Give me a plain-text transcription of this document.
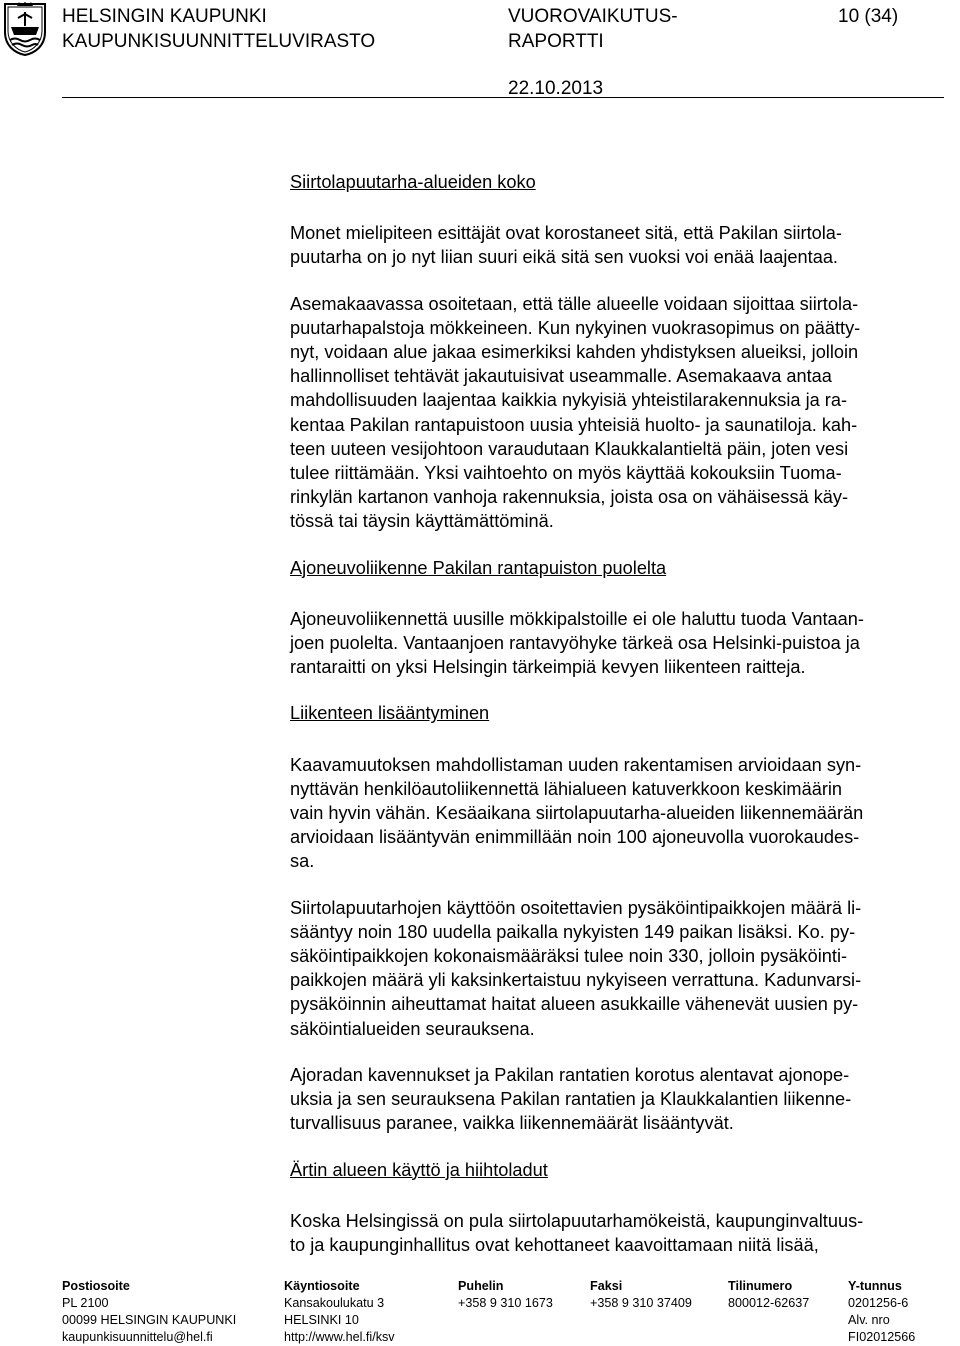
HELSINGIN KAUPUNKI
KAUPUNKISUUNNITTELUVIRASTO
VUOROVAIKUTUS-
RAPORTTI
10 (34)
22.10.2013
Siirtolapuutarha-alueiden koko
Monet mielipiteen esittäjät ovat korostaneet sitä, että Pakilan siirtola-
puutarha on jo nyt liian suuri eikä sitä sen vuoksi voi enää laajentaa.
Asemakaavassa osoitetaan, että tälle alueelle voidaan sijoittaa siirtola-
puutarhapalstoja mökkeineen. Kun nykyinen vuokrasopimus on päätty-
nyt, voidaan alue jakaa esimerkiksi kahden yhdistyksen alueiksi, jolloin
hallinnolliset tehtävät jakautuisivat useammalle. Asemakaava antaa
mahdollisuuden laajentaa kaikkia nykyisiä yhteistilarakennuksia ja ra-
kentaa Pakilan rantapuistoon uusia yhteisiä huolto- ja saunatiloja. kah-
teen uuteen vesijohtoon varaudutaan Klaukkalantieltä päin, joten vesi
tulee riittämään. Yksi vaihtoehto on myös käyttää kokouksiin Tuoma-
rinkylän kartanon vanhoja rakennuksia, joista osa on vähäisessä käy-
tössä tai täysin käyttämättöminä.
Ajoneuvoliikenne Pakilan rantapuiston puolelta
Ajoneuvoliikennettä uusille mökkipalstoille ei ole haluttu tuoda Vantaan-
joen puolelta. Vantaanjoen rantavyöhyke tärkeä osa Helsinki-puistoa ja
rantaraitti on yksi Helsingin tärkeimpiä kevyen liikenteen raitteja.
Liikenteen lisääntyminen
Kaavamuutoksen mahdollistaman uuden rakentamisen arvioidaan syn-
nyttävän henkilöautoliikennettä lähialueen katuverkkoon keskimäärin
vain hyvin vähän. Kesäaikana siirtolapuutarha-alueiden liikennemäärän
arvioidaan lisääntyvän enimmillään noin 100 ajoneuvolla vuorokaudes-
sa.
Siirtolapuutarhojen käyttöön osoitettavien pysäköintipaikkojen määrä li-
sääntyy noin 180 uudella paikalla nykyisten 149 paikan lisäksi. Ko. py-
säköintipaikkojen kokonaismääräksi tulee noin 330, jolloin pysäköinti-
paikkojen määrä yli kaksinkertaistuu nykyiseen verrattuna. Kadunvarsi-
pysäköinnin aiheuttamat haitat alueen asukkaille vähenevät uusien py-
säköintialueiden seurauksena.
Ajoradan kavennukset ja Pakilan rantatien korotus alentavat ajonope-
uksia ja sen seurauksena Pakilan rantatien ja Klaukkalantien liikenne-
turvallisuus paranee, vaikka liikennemäärät lisääntyvät.
Ärtin alueen käyttö ja hiihtoladut
Koska Helsingissä on pula siirtolapuutarhamökeistä, kaupunginvaltuus-
to ja kaupunginhallitus ovat kehottaneet kaavoittamaan niitä lisää,
Postiosoite
PL 2100
00099 HELSINGIN KAUPUNKI
kaupunkisuunnittelu@hel.fi
Käyntiosoite
Kansakoulukatu 3
HELSINKI 10
http://www.hel.fi/ksv
Puhelin
+358 9 310 1673
Faksi
+358 9 310 37409
Tilinumero
800012-62637
Y-tunnus
0201256-6
Alv. nro
FI02012566
